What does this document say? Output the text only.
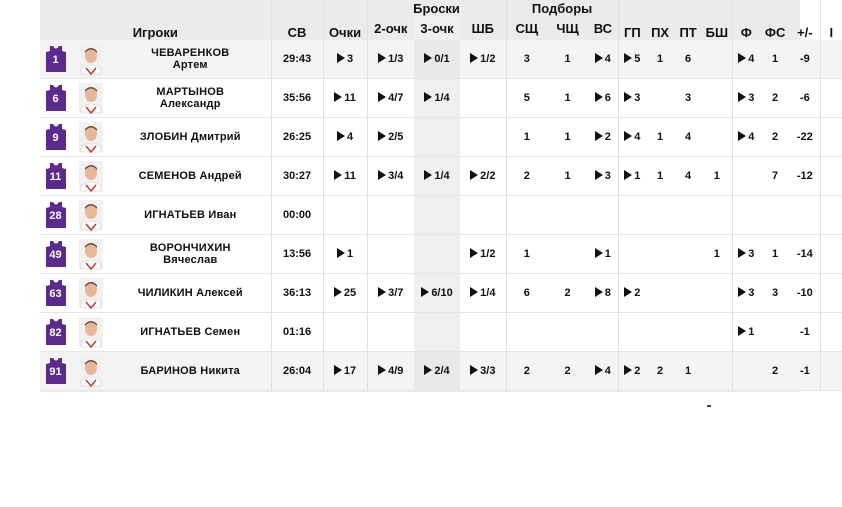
Игроки			СВ	Очки	Броски			Подборы			ГП	ПХ	ПТ	БШ	Ф	ФС	+/-	I
					2-очк	3-очк	ШБ	СЩ	ЧЩ	ВС								

1		ЧЕВАРЕНКОВ
Артем	29:43	3	1/3	0/1	1/2	3	1	4	5	1	6		4	1	-9	

6		МАРТЫНОВ
Александр	35:56	11	4/7	1/4		5	1	6	3		3		3	2	-6	

9		ЗЛОБИН Дмитрий	26:25	4	2/5			1	1	2	4	1	4		4	2	-22	

11		СЕМЕНОВ Андрей	30:27	11	3/4	1/4	2/2	2	1	3	1	1	4	1		7	-12	

28		ИГНАТЬЕВ Иван	00:00															

49		ВОРОНЧИХИН
Вячеслав	13:56	1			1/2	1		1				1	3	1	-14	

63		ЧИЛИКИН Алексей	36:13	25	3/7	6/10	1/4	6	2	8	2				3	3	-10	

82		ИГНАТЬЕВ Семен	01:16												1		-1	

91		БАРИНОВ Никита	26:04	17	4/9	2/4	3/3	2	2	4	2	2	1			2	-1	
